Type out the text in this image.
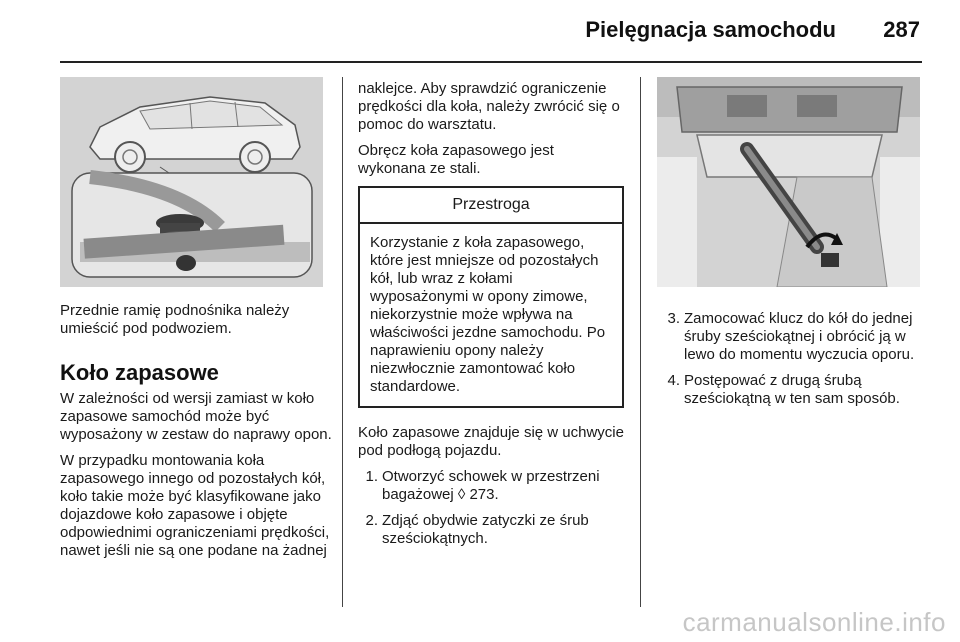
Pielęgnacja samochodu	287

Przednie ramię podnośnika należy umieścić pod podwoziem.

Koło zapasowe

W zależności od wersji zamiast w koło zapasowe samochód może być wyposażony w zestaw do naprawy opon.

W przypadku montowania koła zapasowego innego od pozostałych kół, koło takie może być klasyfikowane jako dojazdowe koło zapasowe i objęte odpowiednimi ograniczeniami prędkości, nawet jeśli nie są one podane na żadnej

naklejce. Aby sprawdzić ograniczenie prędkości dla koła, należy zwrócić się o pomoc do warsztatu.

Obręcz koła zapasowego jest wykonana ze stali.

Przestroga
Korzystanie z koła zapasowego, które jest mniejsze od pozostałych kół, lub wraz z kołami wyposażonymi w opony zimowe, niekorzystnie może wpływa na właściwości jezdne samochodu. Po naprawieniu opony należy niezwłocznie zamontować koło standardowe.

Koło zapasowe znajduje się w uchwycie pod podłogą pojazdu.

1. Otworzyć schowek w przestrzeni bagażowej ◊ 273.
2. Zdjąć obydwie zatyczki ze śrub sześciokątnych.
3. Zamocować klucz do kół do jednej śruby sześciokątnej i obrócić ją w lewo do momentu wyczucia oporu.
4. Postępować z drugą śrubą sześciokątną w ten sam sposób.
carmanualsonline.info
